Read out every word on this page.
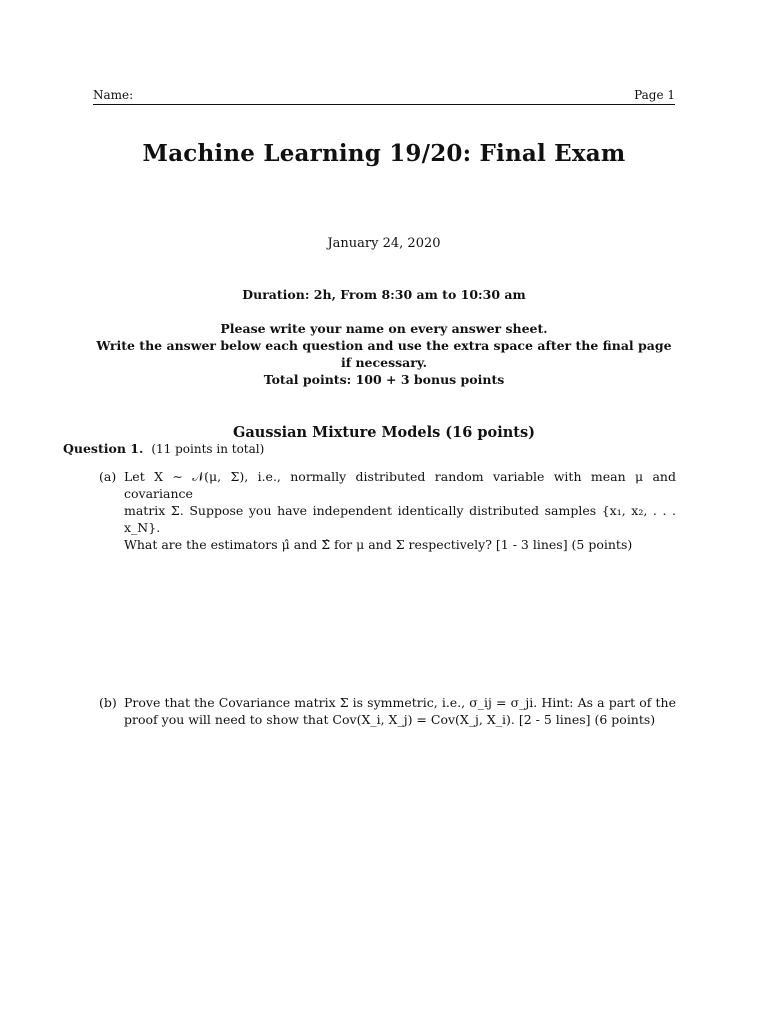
Name:	Page 1
Machine Learning 19/20: Final Exam
January 24, 2020
Duration: 2h, From 8:30 am to 10:30 am
Please write your name on every answer sheet.
Write the answer below each question and use the extra space after the final page
if necessary.
Total points: 100 + 3 bonus points
Gaussian Mixture Models (16 points)
Question 1. (11 points in total)
(a) Let X ∼ 𝒩(μ, Σ), i.e., normally distributed random variable with mean μ and covariance
matrix Σ. Suppose you have independent identically distributed samples {x₁, x₂, . . . x_N}.
What are the estimators μ̂ and Σ̂ for μ and Σ respectively? [1 - 3 lines] (5 points)
(b) Prove that the Covariance matrix Σ is symmetric, i.e., σ_ij = σ_ji. Hint: As a part of the
proof you will need to show that Cov(X_i, X_j) = Cov(X_j, X_i). [2 - 5 lines] (6 points)
